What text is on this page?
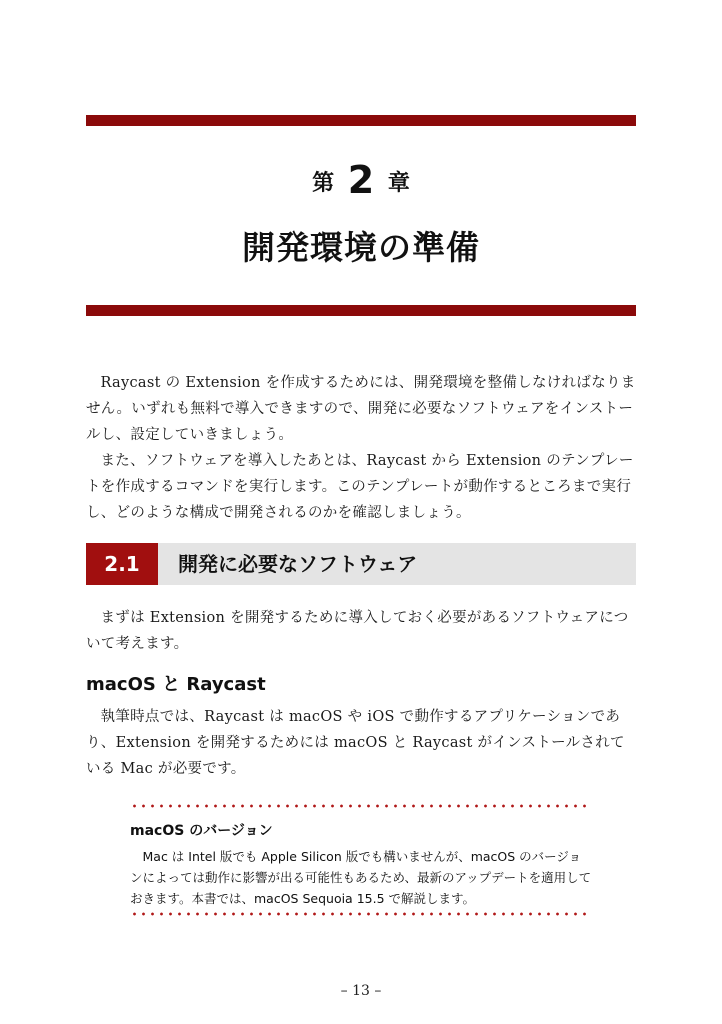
第 2 章
開発環境の準備

Raycast の Extension を作成するためには、開発環境を整備しなければなりません。いずれも無料で導入できますので、開発に必要なソフトウェアをインストールし、設定していきましょう。

また、ソフトウェアを導入したあとは、Raycast から Extension のテンプレートを作成するコマンドを実行します。このテンプレートが動作するところまで実行し、どのような構成で開発されるのかを確認しましょう。

2.1	開発に必要なソフトウェア

まずは Extension を開発するために導入しておく必要があるソフトウェアについて考えます。

macOS と Raycast

執筆時点では、Raycast は macOS や iOS で動作するアプリケーションであり、Extension を開発するためには macOS と Raycast がインストールされている Mac が必要です。

macOS のバージョン

Mac は Intel 版でも Apple Silicon 版でも構いませんが、macOS のバージョンによっては動作に影響が出る可能性もあるため、最新のアップデートを適用しておきます。本書では、macOS Sequoia 15.5 で解説します。

– 13 –
